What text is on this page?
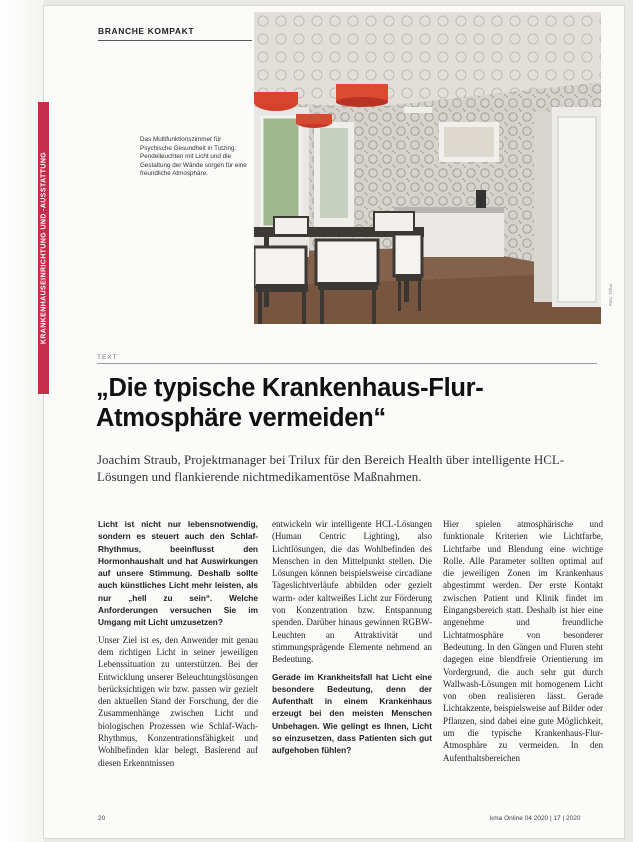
BRANCHE KOMPAKT
KRANKENHAUSEINRICHTUNG UND -AUSSTATTUNG
Das Multifunktionszimmer für Psychische Gesundheit in Tutzing: Pendelleuchten mit Licht und die Gestaltung der Wände sorgen für eine freundliche Atmosphäre.
Foto: Trilux
TEXT
„Die typische Krankenhaus-Flur-Atmosphäre vermeiden“
Joachim Straub, Projektmanager bei Trilux für den Bereich Health über intelligente HCL-Lösungen und flankierende nichtmedikamentöse Maßnahmen.

Licht ist nicht nur lebensnotwendig, sondern es steuert auch den Schlaf-Rhythmus, beeinflusst den Hormonhaushalt und hat Auswirkungen auf unsere Stimmung. Deshalb sollte auch künstliches Licht mehr leisten, als nur „hell zu sein“. Welche Anforderungen versuchen Sie im Umgang mit Licht umzusetzen?

Unser Ziel ist es, den Anwender mit genau dem richtigen Licht in seiner jeweiligen Lebenssituation zu unterstützen. Bei der Entwicklung unserer Beleuchtungslösungen berücksichtigen wir bzw. passen wir gezielt den aktuellen Stand der Forschung, der die Zusammenhänge zwischen Licht und biologischen Prozessen wie Schlaf-Wach-Rhythmus, Konzentrationsfähigkeit und Wohlbefinden klar belegt. Basierend auf diesen Erkenntnissen

entwickeln wir intelligente HCL-Lösungen (Human Centric Lighting), also Lichtlösungen, die das Wohlbefinden des Menschen in den Mittelpunkt stellen. Die Lösungen können beispielsweise circadiane Tageslichtverläufe abbilden oder gezielt warm- oder kaltweißes Licht zur Förderung von Konzentration bzw. Entspannung spenden. Darüber hinaus gewinnen RGBW-Leuchten an Attraktivität und stimmungsprägende Elemente nehmend an Bedeutung.

Gerade im Krankheitsfall hat Licht eine besondere Bedeutung, denn der Aufenthalt in einem Krankenhaus erzeugt bei den meisten Menschen Unbehagen. Wie gelingt es Ihnen, Licht so einzusetzen, dass Patienten sich gut aufgehoben fühlen?

Hier spielen atmosphärische und funktionale Kriterien wie Lichtfarbe, Lichtfarbe und Blendung eine wichtige Rolle. Alle Parameter sollten optimal auf die jeweiligen Zonen im Krankenhaus abgestimmt werden. Der erste Kontakt zwischen Patient und Klinik findet im Eingangsbereich statt. Deshalb ist hier eine angenehme und freundliche Lichtatmosphäre von besonderer Bedeutung. In den Gängen und Fluren steht dagegen eine blendfreie Orientierung im Vordergrund, die auch sehr gut durch Wallwash-Lösungen mit homogenem Licht von oben realisieren lässt. Gerade Lichtakzente, beispielsweise auf Bilder oder Pflanzen, sind dabei eine gute Möglichkeit, um die typische Krankenhaus-Flur-Atmosphäre zu vermeiden. In den Aufenthaltsbereichen

20	kma Online 04 2020 | 17 | 2020
